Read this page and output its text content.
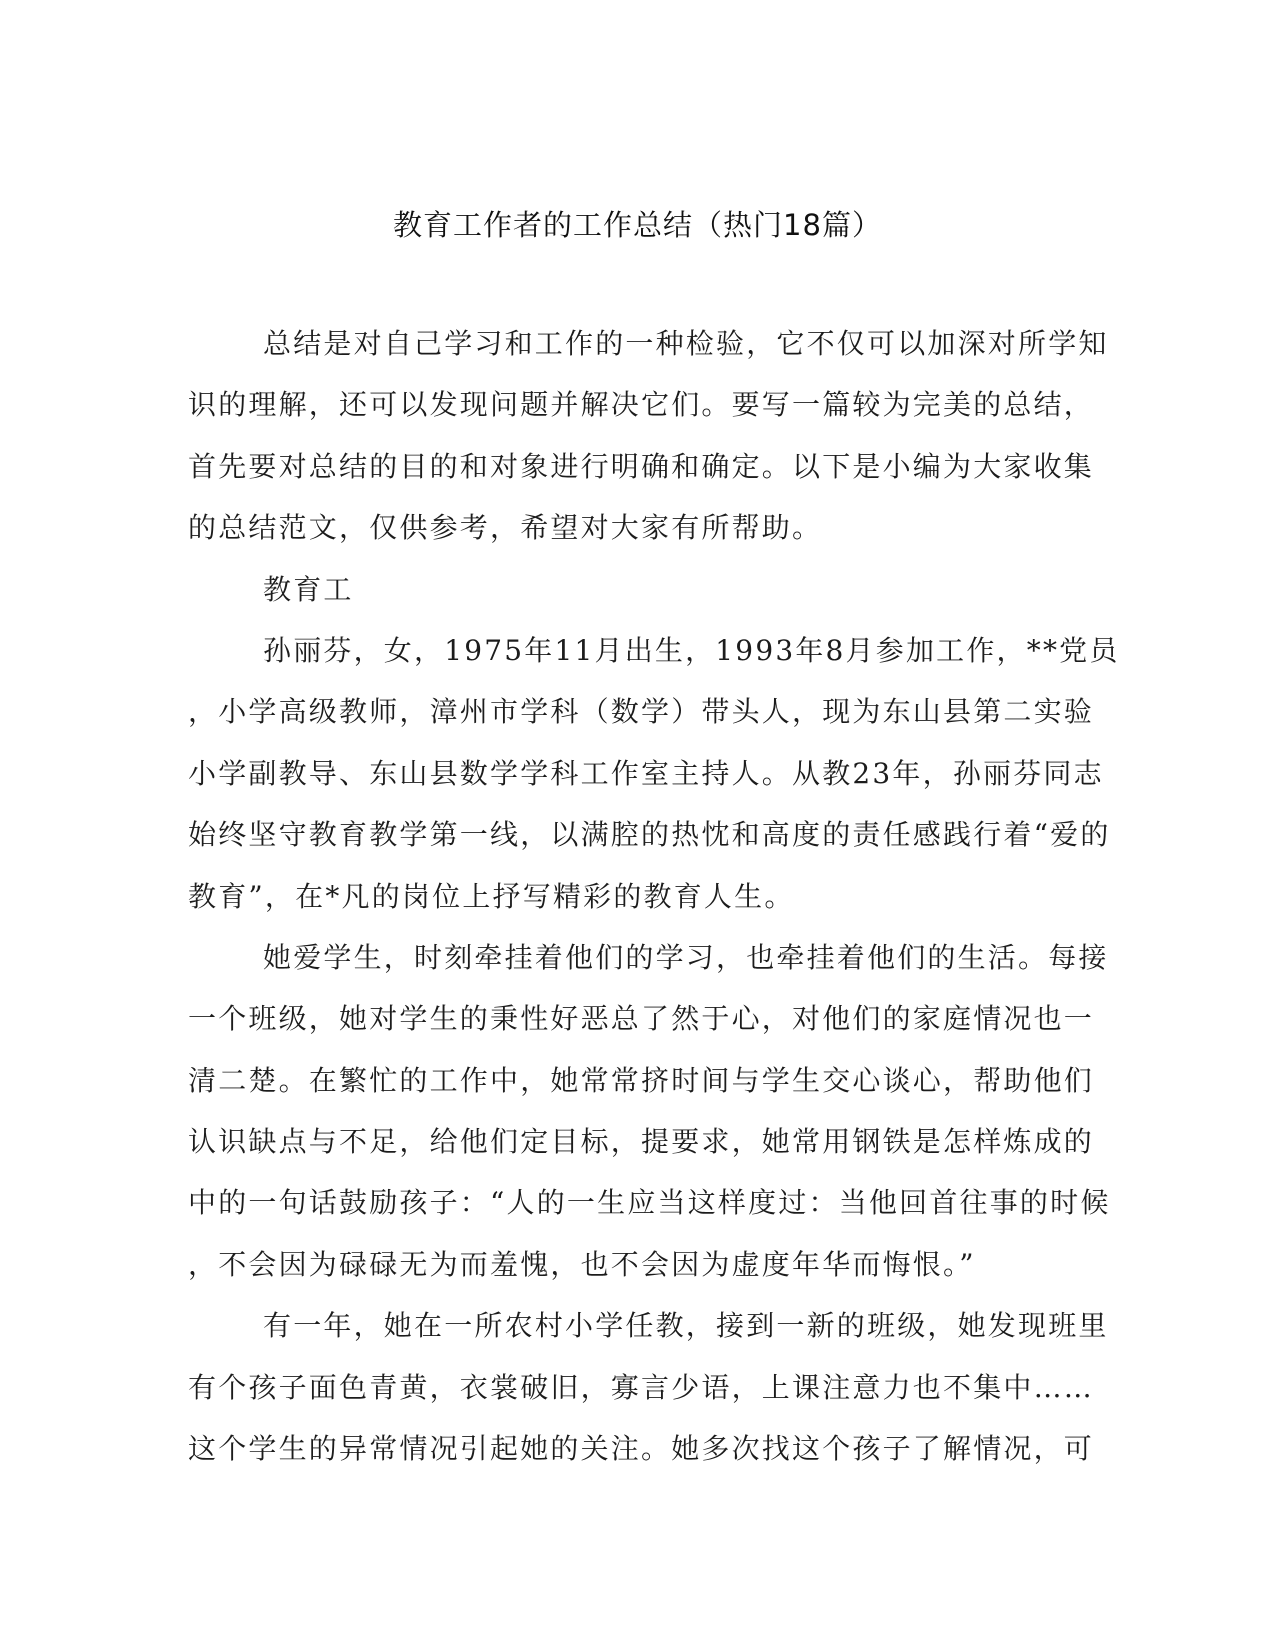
教育工作者的工作总结（热门18篇）
总结是对自己学习和工作的一种检验，它不仅可以加深对所学知
识的理解，还可以发现问题并解决它们。要写一篇较为完美的总结，
首先要对总结的目的和对象进行明确和确定。以下是小编为大家收集
的总结范文，仅供参考，希望对大家有所帮助。
教育工
孙丽芬，女，1975年11月出生，1993年8月参加工作，**党员
，小学高级教师，漳州市学科（数学）带头人，现为东山县第二实验
小学副教导、东山县数学学科工作室主持人。从教23年，孙丽芬同志
始终坚守教育教学第一线，以满腔的热忱和高度的责任感践行着“爱的
教育”，在*凡的岗位上抒写精彩的教育人生。
她爱学生，时刻牵挂着他们的学习，也牵挂着他们的生活。每接
一个班级，她对学生的秉性好恶总了然于心，对他们的家庭情况也一
清二楚。在繁忙的工作中，她常常挤时间与学生交心谈心，帮助他们
认识缺点与不足，给他们定目标，提要求，她常用钢铁是怎样炼成的
中的一句话鼓励孩子：“人的一生应当这样度过：当他回首往事的时候
，不会因为碌碌无为而羞愧，也不会因为虚度年华而悔恨。”
有一年，她在一所农村小学任教，接到一新的班级，她发现班里
有个孩子面色青黄，衣裳破旧，寡言少语，上课注意力也不集中……
这个学生的异常情况引起她的关注。她多次找这个孩子了解情况，可
